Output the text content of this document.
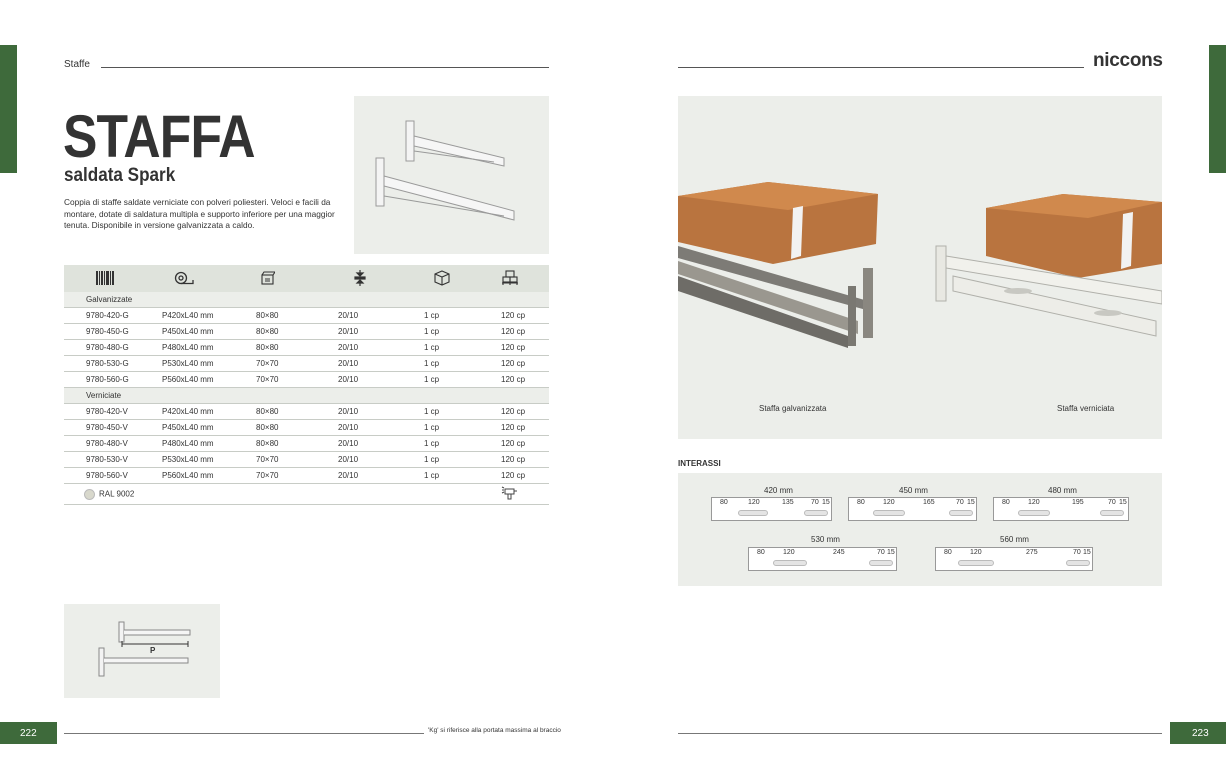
Staffe	niccons
STAFFA
saldata Spark
Coppia di staffe saldate verniciate con polveri poliesteri. Veloci e facili da montare, dotate di saldatura multipla e supporto inferiore per una maggior tenuta. Disponibile in versione galvanizzata a caldo.

Galvanizzate					
9780-420-G	P420xL40 mm	80×80	20/10	1 cp	120 cp
9780-450-G	P450xL40 mm	80×80	20/10	1 cp	120 cp
9780-480-G	P480xL40 mm	80×80	20/10	1 cp	120 cp
9780-530-G	P530xL40 mm	70×70	20/10	1 cp	120 cp
9780-560-G	P560xL40 mm	70×70	20/10	1 cp	120 cp
Verniciate					
9780-420-V	P420xL40 mm	80×80	20/10	1 cp	120 cp
9780-450-V	P450xL40 mm	80×80	20/10	1 cp	120 cp
9780-480-V	P480xL40 mm	80×80	20/10	1 cp	120 cp
9780-530-V	P530xL40 mm	70×70	20/10	1 cp	120 cp
9780-560-V	P560xL40 mm	70×70	20/10	1 cp	120 cp
RAL 9002	
P
222	'Kg' si riferisce alla portata massima al braccio	223
Staffa galvanizzata	Staffa verniciata
INTERASSI
420 mm
80	120	135 70 15
450 mm
80	120	165	70 15
480 mm
80	120	195	70 15
530 mm
80	120	245	70 15
560 mm
80	120	275	70 15
